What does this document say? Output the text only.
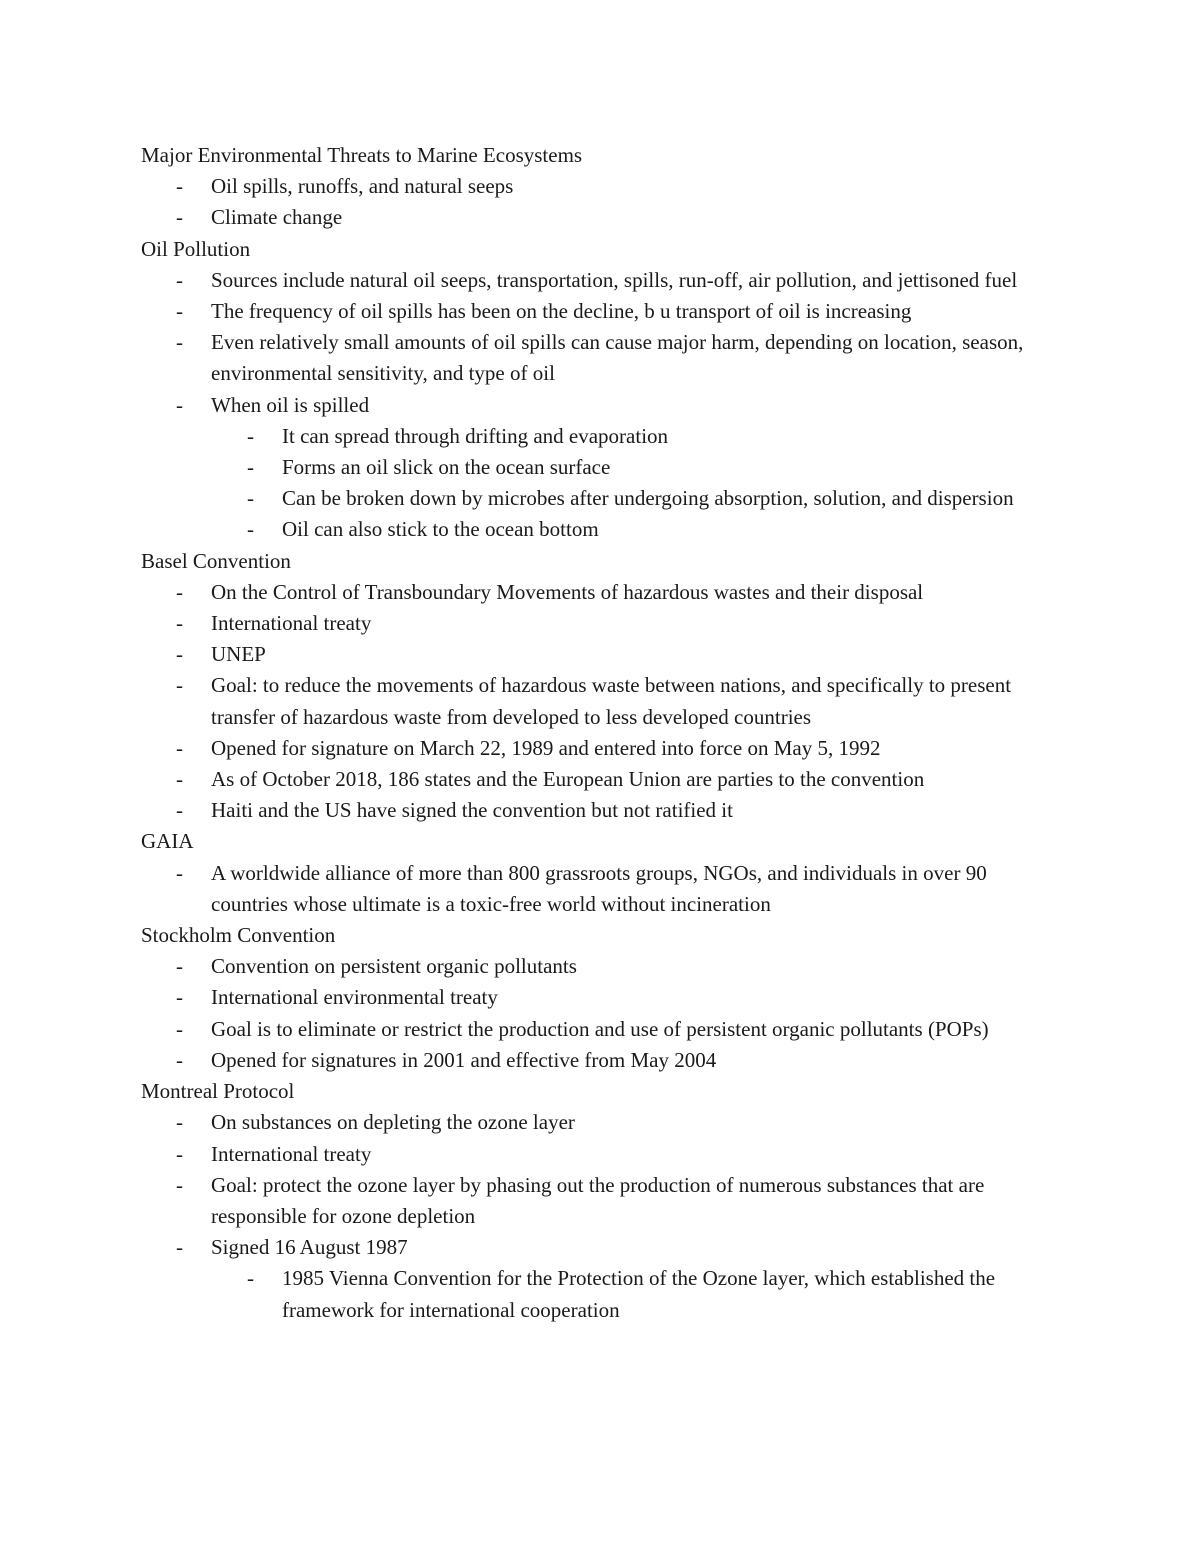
Major Environmental Threats to Marine Ecosystems
-	Oil spills, runoffs, and natural seeps
-	Climate change
Oil Pollution
-	Sources include natural oil seeps, transportation, spills, run-off, air pollution, and jettisoned fuel
-	The frequency of oil spills has been on the decline, b u transport of oil is increasing
-	Even relatively small amounts of oil spills can cause major harm, depending on location, season, environmental sensitivity, and type of oil
-	When oil is spilled
-	It can spread through drifting and evaporation
-	Forms an oil slick on the ocean surface
-	Can be broken down by microbes after undergoing absorption, solution, and dispersion
-	Oil can also stick to the ocean bottom
Basel Convention
-	On the Control of Transboundary Movements of hazardous wastes and their disposal
-	International treaty
-	UNEP
-	Goal: to reduce the movements of hazardous waste between nations, and specifically to present transfer of hazardous waste from developed to less developed countries
-	Opened for signature on March 22, 1989 and entered into force on May 5, 1992
-	As of October 2018, 186 states and the European Union are parties to the convention
-	Haiti and the US have signed the convention but not ratified it
GAIA
-	A worldwide alliance of more than 800 grassroots groups, NGOs, and individuals in over 90 countries whose ultimate is a toxic-free world without incineration
Stockholm Convention
-	Convention on persistent organic pollutants
-	International environmental treaty
-	Goal is to eliminate or restrict the production and use of persistent organic pollutants (POPs)
-	Opened for signatures in 2001 and effective from May 2004
Montreal Protocol
-	On substances on depleting the ozone layer
-	International treaty
-	Goal: protect the ozone layer by phasing out the production of numerous substances that are responsible for ozone depletion
-	Signed 16 August 1987
-	1985 Vienna Convention for the Protection of the Ozone layer, which established the framework for international cooperation
